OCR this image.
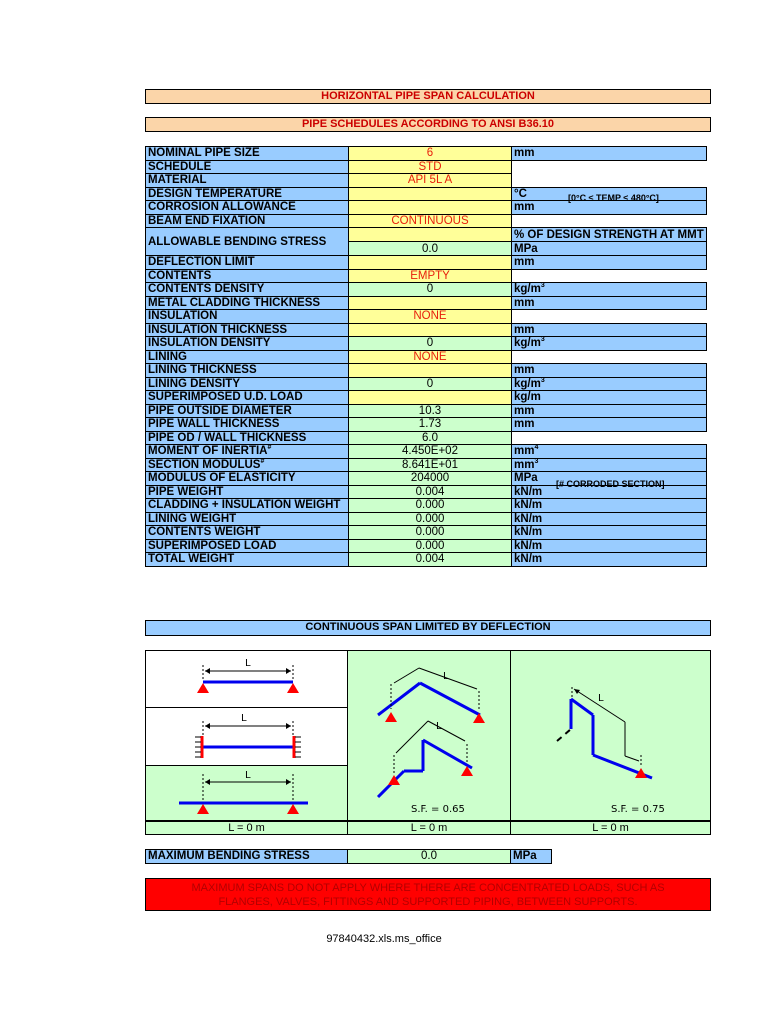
HORIZONTAL PIPE SPAN CALCULATION
PIPE SCHEDULES ACCORDING TO ANSI B36.10
NOMINAL PIPE SIZE	6	mm
SCHEDULE	STD	
MATERIAL	API 5L A	
DESIGN TEMPERATURE		°C
CORROSION ALLOWANCE		mm
BEAM END FIXATION	CONTINUOUS	
ALLOWABLE BENDING STRESS		% OF DESIGN STRENGTH AT MMT
	0.0	MPa
DEFLECTION LIMIT		mm
CONTENTS	EMPTY	
CONTENTS DENSITY	0	$kg/m^3$
METAL CLADDING THICKNESS		mm
INSULATION	NONE	
INSULATION THICKNESS		mm
INSULATION DENSITY	0	$kg/m^3$
LINING	NONE	
LINING THICKNESS		mm
LINING DENSITY	0	$kg/m^3$
SUPERIMPOSED U.D. LOAD		kg/m
PIPE OUTSIDE DIAMETER	10.3	mm
PIPE WALL THICKNESS	1.73	mm
PIPE OD / WALL THICKNESS	6.0	
MOMENT OF INERTIA#	4.450E+02	$mm^4$
SECTION MODULUS#	8.641E+01	$mm^3$
MODULUS OF ELASTICITY	204000	MPa
PIPE WEIGHT	0.004	kN/m
CLADDING + INSULATION WEIGHT	0.000	kN/m
LINING WEIGHT	0.000	kN/m
CONTENTS WEIGHT	0.000	kN/m
SUPERIMPOSED LOAD	0.000	kN/m
TOTAL WEIGHT	0.004	kN/m
[0°C ≤ TEMP ≤ 480°C]
[# CORRODED SECTION]
CONTINUOUS SPAN LIMITED BY DEFLECTION
L
L
L
L
L
S.F. = 0.65
L
S.F. = 0.75
L = 0 m	L = 0 m	L = 0 m
MAXIMUM BENDING STRESS	0.0	MPa
MAXIMUM SPANS DO NOT APPLY WHERE THERE ARE CONCENTRATED LOADS, SUCH AS FLANGES, VALVES, FITTINGS AND SUPPORTED PIPING, BETWEEN SUPPORTS.
97840432.xls.ms_office
